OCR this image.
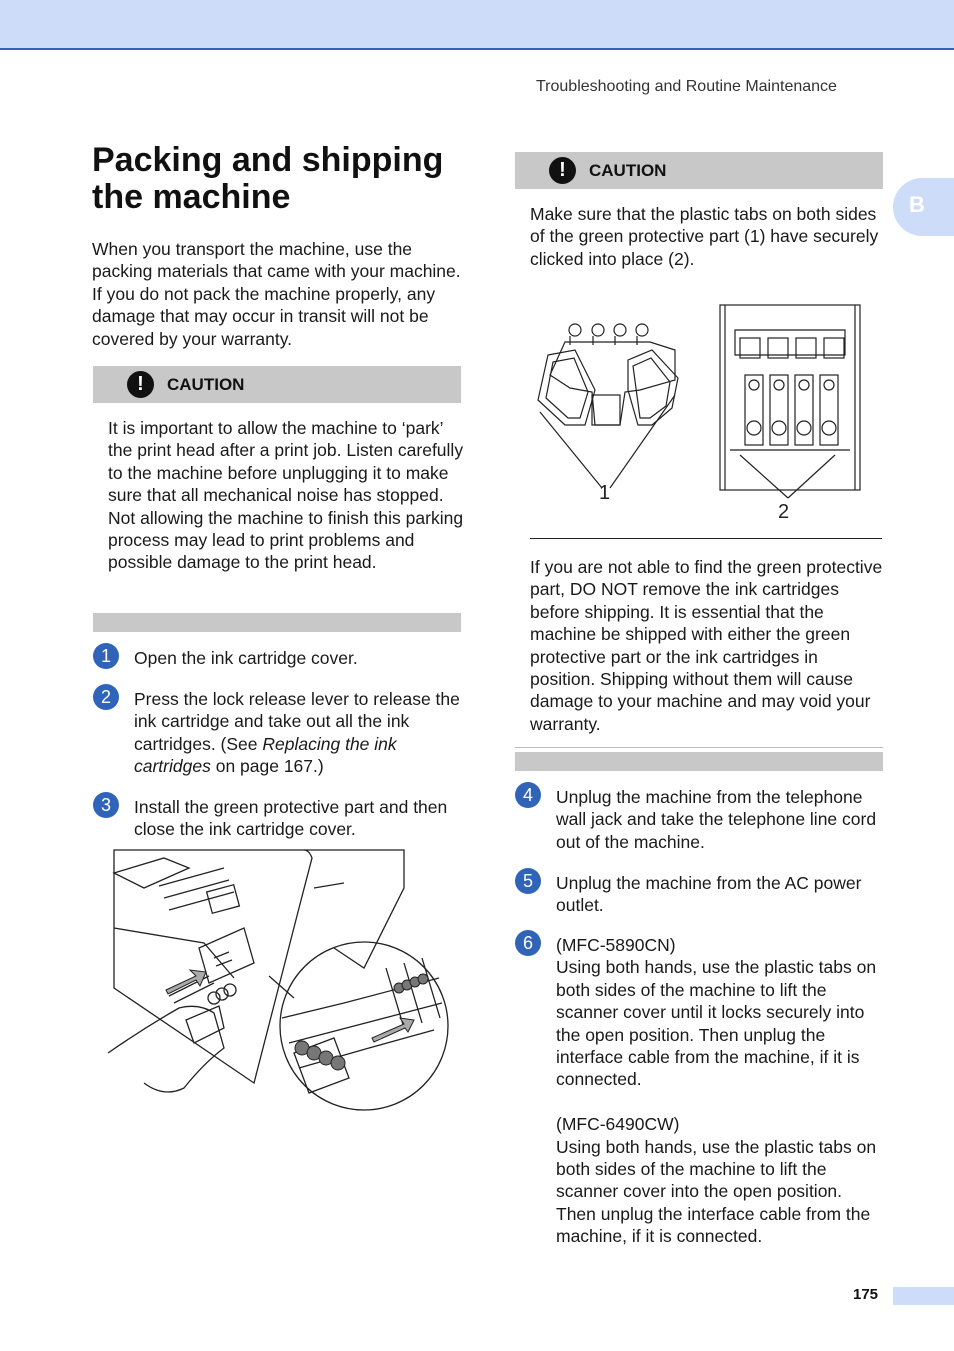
Troubleshooting and Routine Maintenance
B
Packing and shipping the machine

When you transport the machine, use the packing materials that came with your machine. If you do not pack the machine properly, any damage that may occur in transit will not be covered by your warranty.

!
CAUTION

It is important to allow the machine to ‘park’ the print head after a print job. Listen carefully to the machine before unplugging it to make sure that all mechanical noise has stopped. Not allowing the machine to finish this parking process may lead to print problems and possible damage to the print head.

1	Open the ink cartridge cover.

2	Press the lock release lever to release the ink cartridge and take out all the ink cartridges. (See Replacing the ink cartridges on page 167.)

3	Install the green protective part and then close the ink cartridge cover.

!
CAUTION

Make sure that the plastic tabs on both sides of the green protective part (1) have securely clicked into place (2).

1
2

If you are not able to find the green protective part, DO NOT remove the ink cartridges before shipping. It is essential that the machine be shipped with either the green protective part or the ink cartridges in position. Shipping without them will cause damage to your machine and may void your warranty.

4	Unplug the machine from the telephone wall jack and take the telephone line cord out of the machine.

5	Unplug the machine from the AC power outlet.

6	(MFC-5890CN)
Using both hands, use the plastic tabs on both sides of the machine to lift the scanner cover until it locks securely into the open position. Then unplug the interface cable from the machine, if it is connected.

(MFC-6490CW)
Using both hands, use the plastic tabs on both sides of the machine to lift the scanner cover into the open position. Then unplug the interface cable from the machine, if it is connected.

175
